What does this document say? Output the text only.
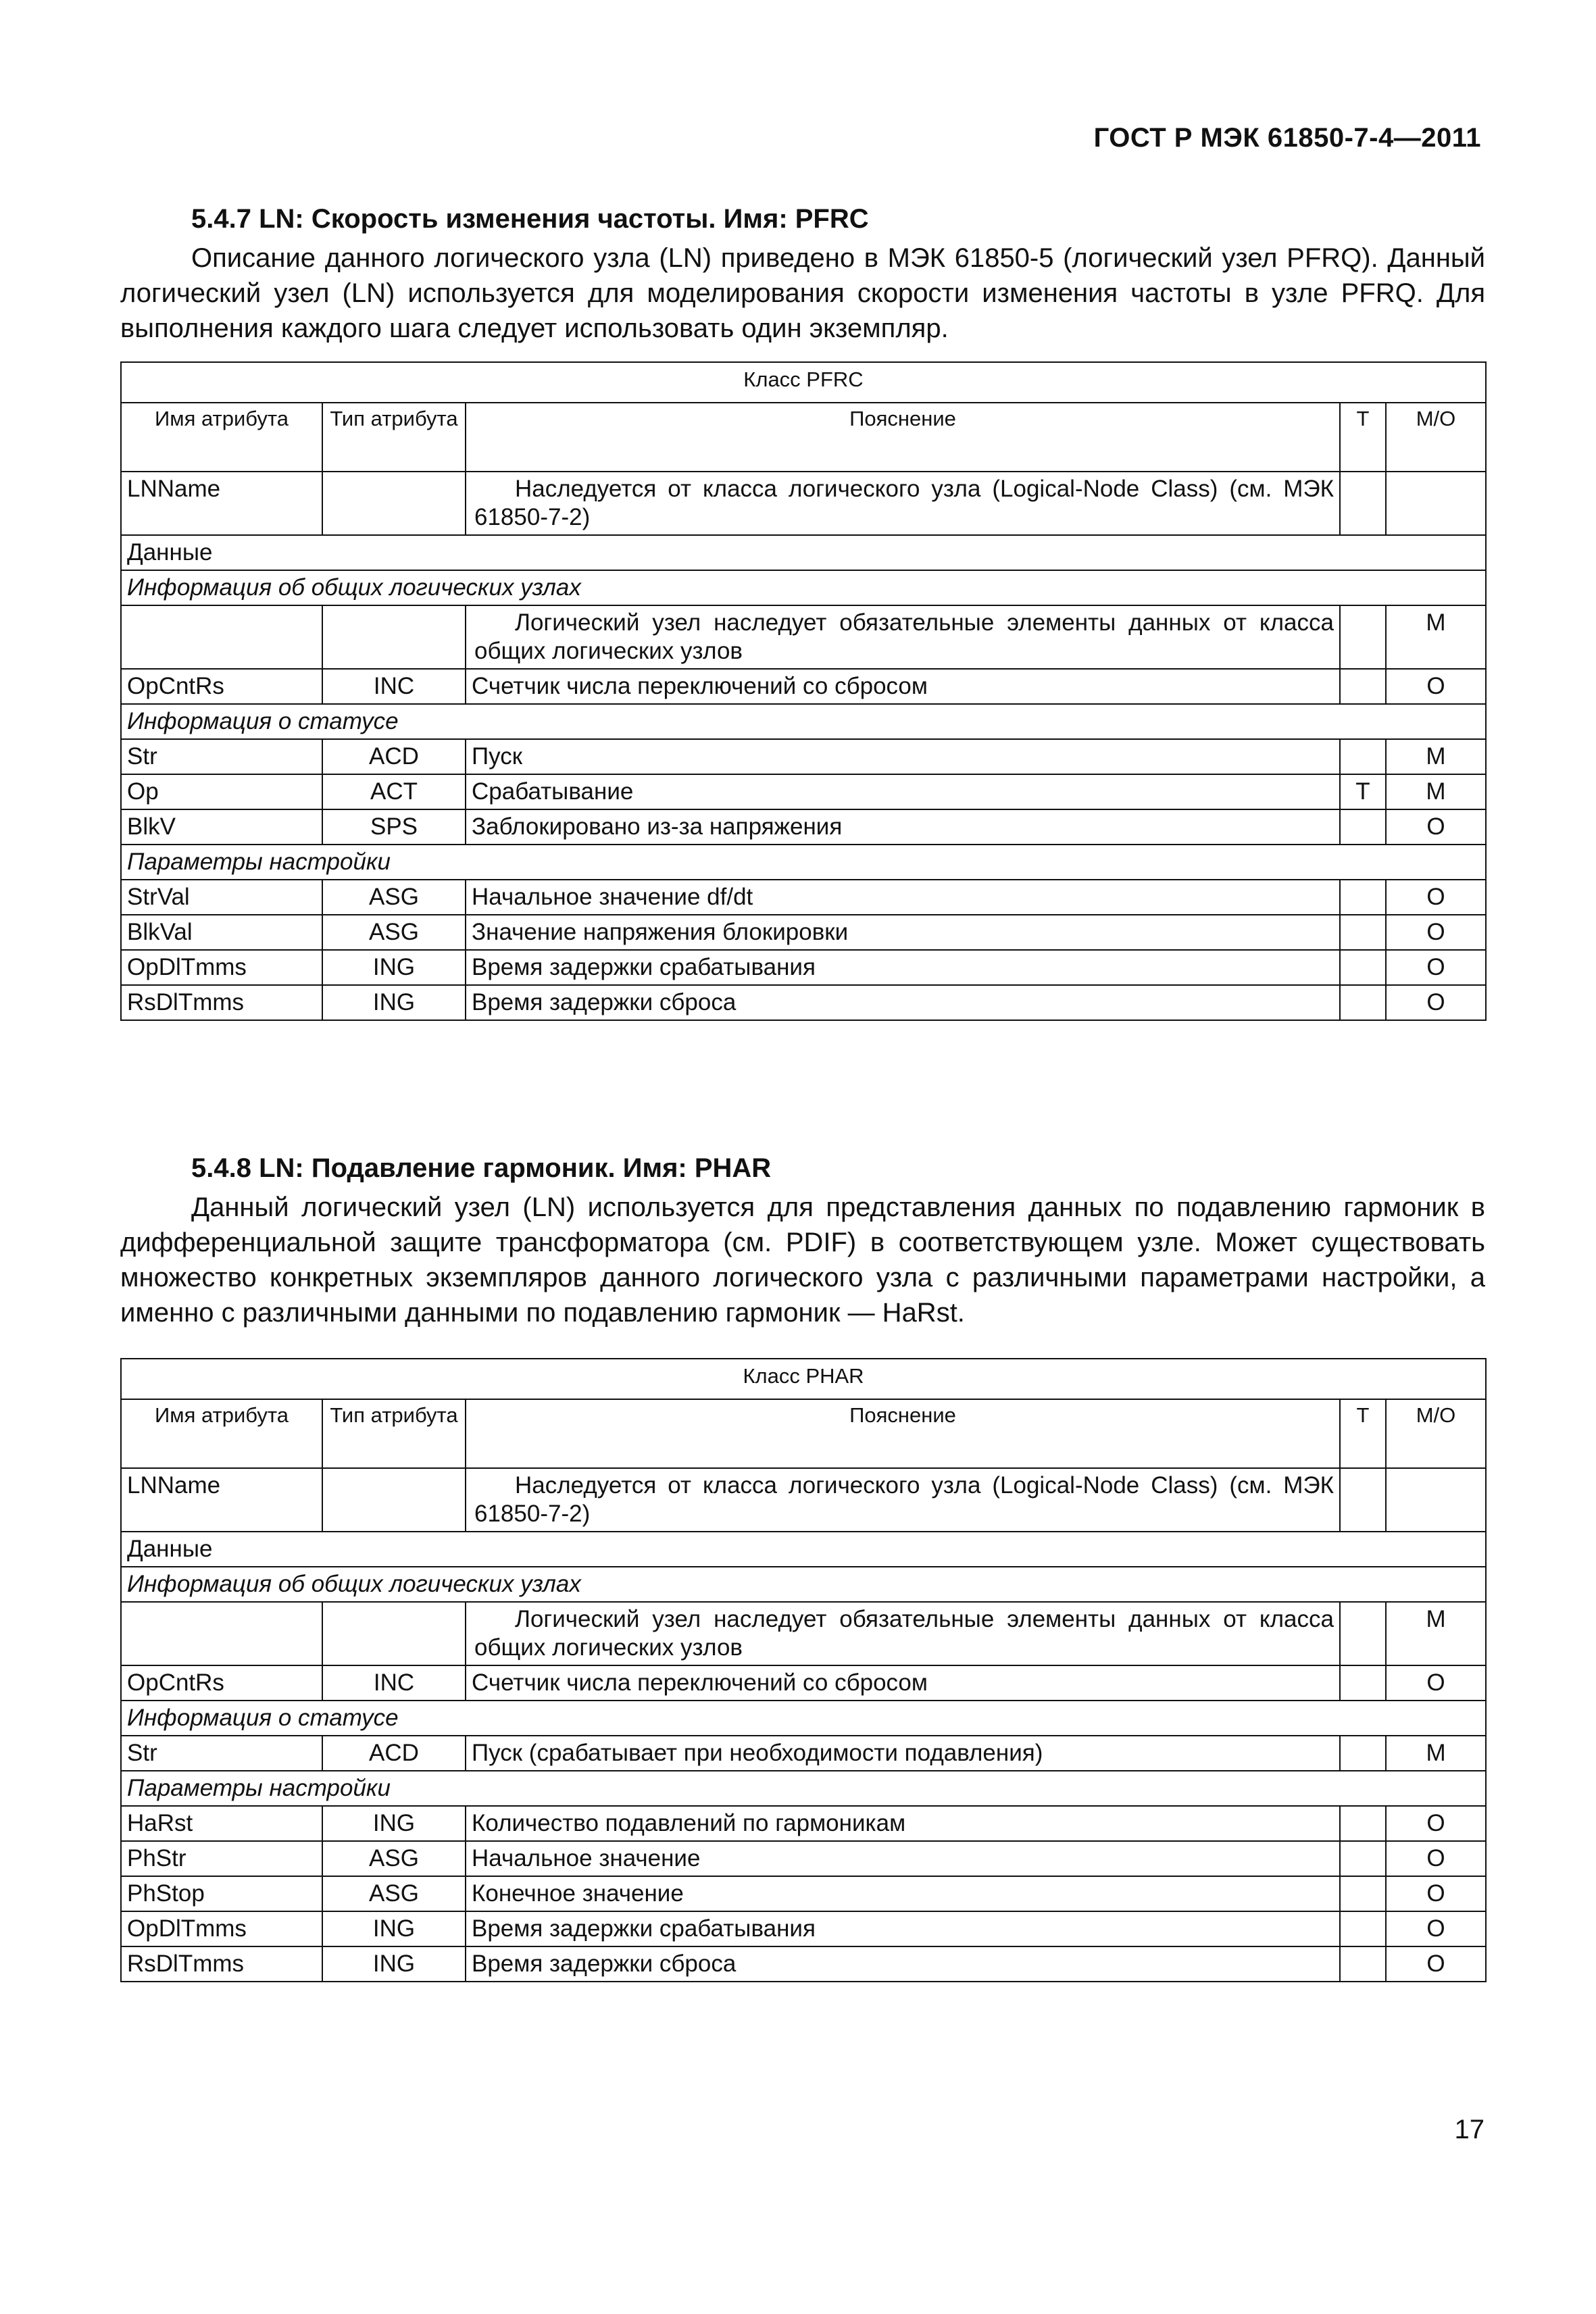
ГОСТ Р МЭК 61850-7-4—2011
5.4.7 LN: Скорость изменения частоты. Имя: PFRC

Описание данного логического узла (LN) приведено в МЭК 61850-5 (логический узел PFRQ). Данный логический узел (LN) используется для моделирования скорости изменения частоты в узле PFRQ. Для выполнения каждого шага следует использовать один экземпляр.

Класс PFRC				
Имя атрибута	Тип атрибута	Пояснение	T	М/О
LNName		Наследуется от класса логического узла (Logical-Node Class) (см. МЭК 61850-7-2)		
Данные				
Информация об общих логических узлах				
		Логический узел наследует обязательные элементы данных от класса общих логических узлов		M
OpCntRs	INC	Счетчик числа переключений со сбросом		O
Информация о статусе				
Str	ACD	Пуск		M
Op	ACT	Срабатывание	T	M
BlkV	SPS	Заблокировано из-за напряжения		O
Параметры настройки				
StrVal	ASG	Начальное значение df/dt		O
BlkVal	ASG	Значение напряжения блокировки		O
OpDlTmms	ING	Время задержки срабатывания		O
RsDlTmms	ING	Время задержки сброса		O
5.4.8 LN: Подавление гармоник. Имя: PHAR

Данный логический узел (LN) используется для представления данных по подавлению гармоник в дифференциальной защите трансформатора (см. PDIF) в соответствующем узле. Может существовать множество конкретных экземпляров данного логического узла с различными параметрами настройки, а именно с различными данными по подавлению гармоник — HaRst.

Класс PHAR				
Имя атрибута	Тип атрибута	Пояснение	T	М/О
LNName		Наследуется от класса логического узла (Logical-Node Class) (см. МЭК 61850-7-2)		
Данные				
Информация об общих логических узлах				
		Логический узел наследует обязательные элементы данных от класса общих логических узлов		M
OpCntRs	INC	Счетчик числа переключений со сбросом		O
Информация о статусе				
Str	ACD	Пуск (срабатывает при необходимости подавления)		M
Параметры настройки				
HaRst	ING	Количество подавлений по гармоникам		O
PhStr	ASG	Начальное значение		O
PhStop	ASG	Конечное значение		O
OpDlTmms	ING	Время задержки срабатывания		O
RsDlTmms	ING	Время задержки сброса		O
17
